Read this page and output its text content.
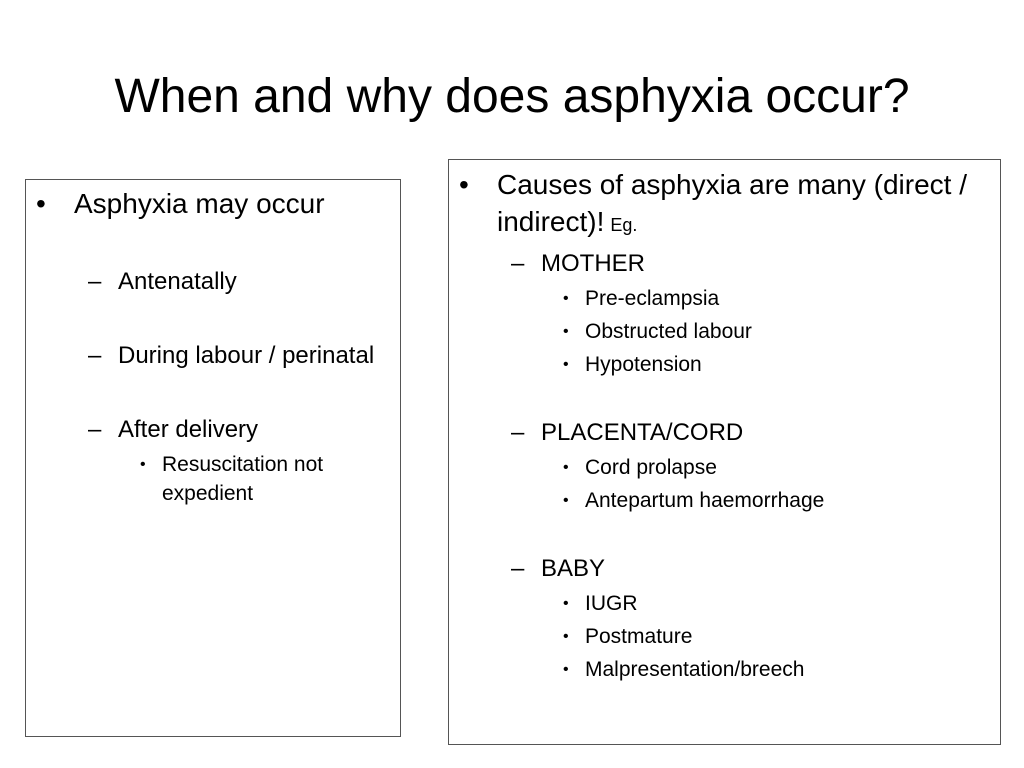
When and why does asphyxia occur?
• Asphyxia may occur
– Antenatally
– During labour / perinatal
– After delivery
• Resuscitation not expedient
• Causes of asphyxia are many (direct / indirect)! Eg.
– MOTHER
• Pre-eclampsia
• Obstructed labour
• Hypotension
– PLACENTA/CORD
• Cord prolapse
• Antepartum haemorrhage
– BABY
• IUGR
• Postmature
• Malpresentation/breech
